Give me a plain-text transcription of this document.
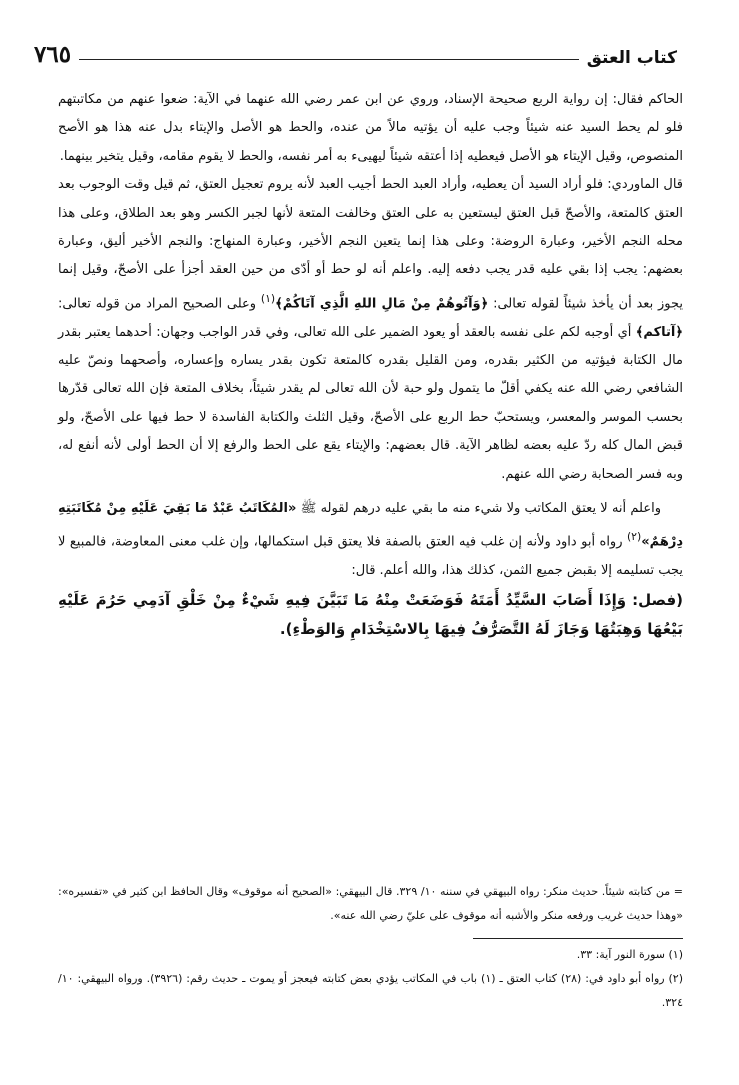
كتاب العتق
٧٦٥

الحاكم فقال: إن رواية الربع صحيحة الإسناد، وروي عن ابن عمر رضي الله عنهما في الآية: ضعوا عنهم من مكاتبتهم فلو لم يحط السيد عنه شيئاً وجب عليه أن يؤتيه مالاً من عنده، والحط هو الأصل والإيتاء بدل عنه هذا هو الأصح المنصوص، وقيل الإيتاء هو الأصل فيعطيه إذا أعتقه شيئاً ليهيىء به أمر نفسه، والحط لا يقوم مقامه، وقيل يتخير بينهما.

قال الماوردي: فلو أراد السيد أن يعطيه، وأراد العبد الحط أجيب العبد لأنه يروم تعجيل العتق، ثم قيل وقت الوجوب بعد العتق كالمتعة، والأصحّ قبل العتق ليستعين به على العتق وخالفت المتعة لأنها لجبر الكسر وهو بعد الطلاق، وعلى هذا محله النجم الأخير، وعبارة الروضة: وعلى هذا إنما يتعين النجم الأخير، وعبارة المنهاج: والنجم الأخير أليق، وعبارة بعضهم: يجب إذا بقي عليه قدر يجب دفعه إليه. واعلم أنه لو حط أو أدّى من حين العقد أجزأ على الأصحّ، وقيل إنما يجوز بعد أن يأخذ شيئاً لقوله تعالى: ﴿وَآتُوهُمْ مِنْ مَالِ اللهِ الَّذِي آتَاكُمْ﴾$^{(١)}$ وعلى الصحيح المراد من قوله تعالى: ﴿آتاكم﴾ أي أوجبه لكم على نفسه بالعقد أو يعود الضمير على الله تعالى، وفي قدر الواجب وجهان: أحدهما يعتبر بقدر مال الكتابة فيؤتيه من الكثير بقدره، ومن القليل بقدره كالمتعة تكون بقدر يساره وإعساره، وأصحهما ونصّ عليه الشافعي رضي الله عنه يكفي أقلّ ما يتمول ولو حبة لأن الله تعالى لم يقدر شيئاً، بخلاف المتعة فإن الله تعالى قدّرها بحسب الموسر والمعسر، ويستحبّ حط الربع على الأصحّ، وقيل الثلث والكتابة الفاسدة لا حط فيها على الأصحّ، ولو قبض المال كله ردّ عليه بعضه لظاهر الآية. قال بعضهم: والإيتاء يقع على الحط والرفع إلا أن الحط أولى لأنه أنفع له، وبه فسر الصحابة رضي الله عنهم.

واعلم أنه لا يعتق المكاتب ولا شيء منه ما بقي عليه درهم لقوله ﷺ «المُكَاتَبُ عَبْدٌ مَا بَقِيَ عَلَيْهِ مِنْ مُكَاتَبَتِهِ دِرْهَمٌ»$^{(٢)}$ رواه أبو داود ولأنه إن غلب فيه العتق بالصفة فلا يعتق قبل استكمالها، وإن غلب معنى المعاوضة، فالمبيع لا يجب تسليمه إلا بقبض جميع الثمن، كذلك هذا، والله أعلم. قال:

(فصل: وَإِذَا أَصَابَ السَّيِّدُ أَمَتَهُ فَوَضَعَتْ مِنْهُ مَا تَبَيَّنَ فِيهِ شَيْءٌ مِنْ خَلْقِ آدَمِي حَرُمَ عَلَيْهِ بَيْعُهَا وَهِبَتُهَا وَجَازَ لَهُ التَّصَرُّفُ فِيهَا بِالاسْتِخْدَامِ وَالوَطْءِ).

= من كتابته شيئاً. حديث منكر: رواه البيهقي في سننه ١٠/ ٣٢٩. قال البيهقي: «الصحيح أنه موقوف» وقال الحافظ ابن كثير في «تفسيره»: «وهذا حديث غريب ورفعه منكر والأشبه أنه موقوف على عليّ رضي الله عنه».

(١) سورة النور آية: ٣٣.

(٢) رواه أبو داود في: (٢٨) كتاب العتق ـ (١) باب في المكاتب يؤدي بعض كتابته فيعجز أو يموت ـ حديث رقم: (٣٩٢٦). ورواه البيهقي: ١٠/ ٣٢٤.
